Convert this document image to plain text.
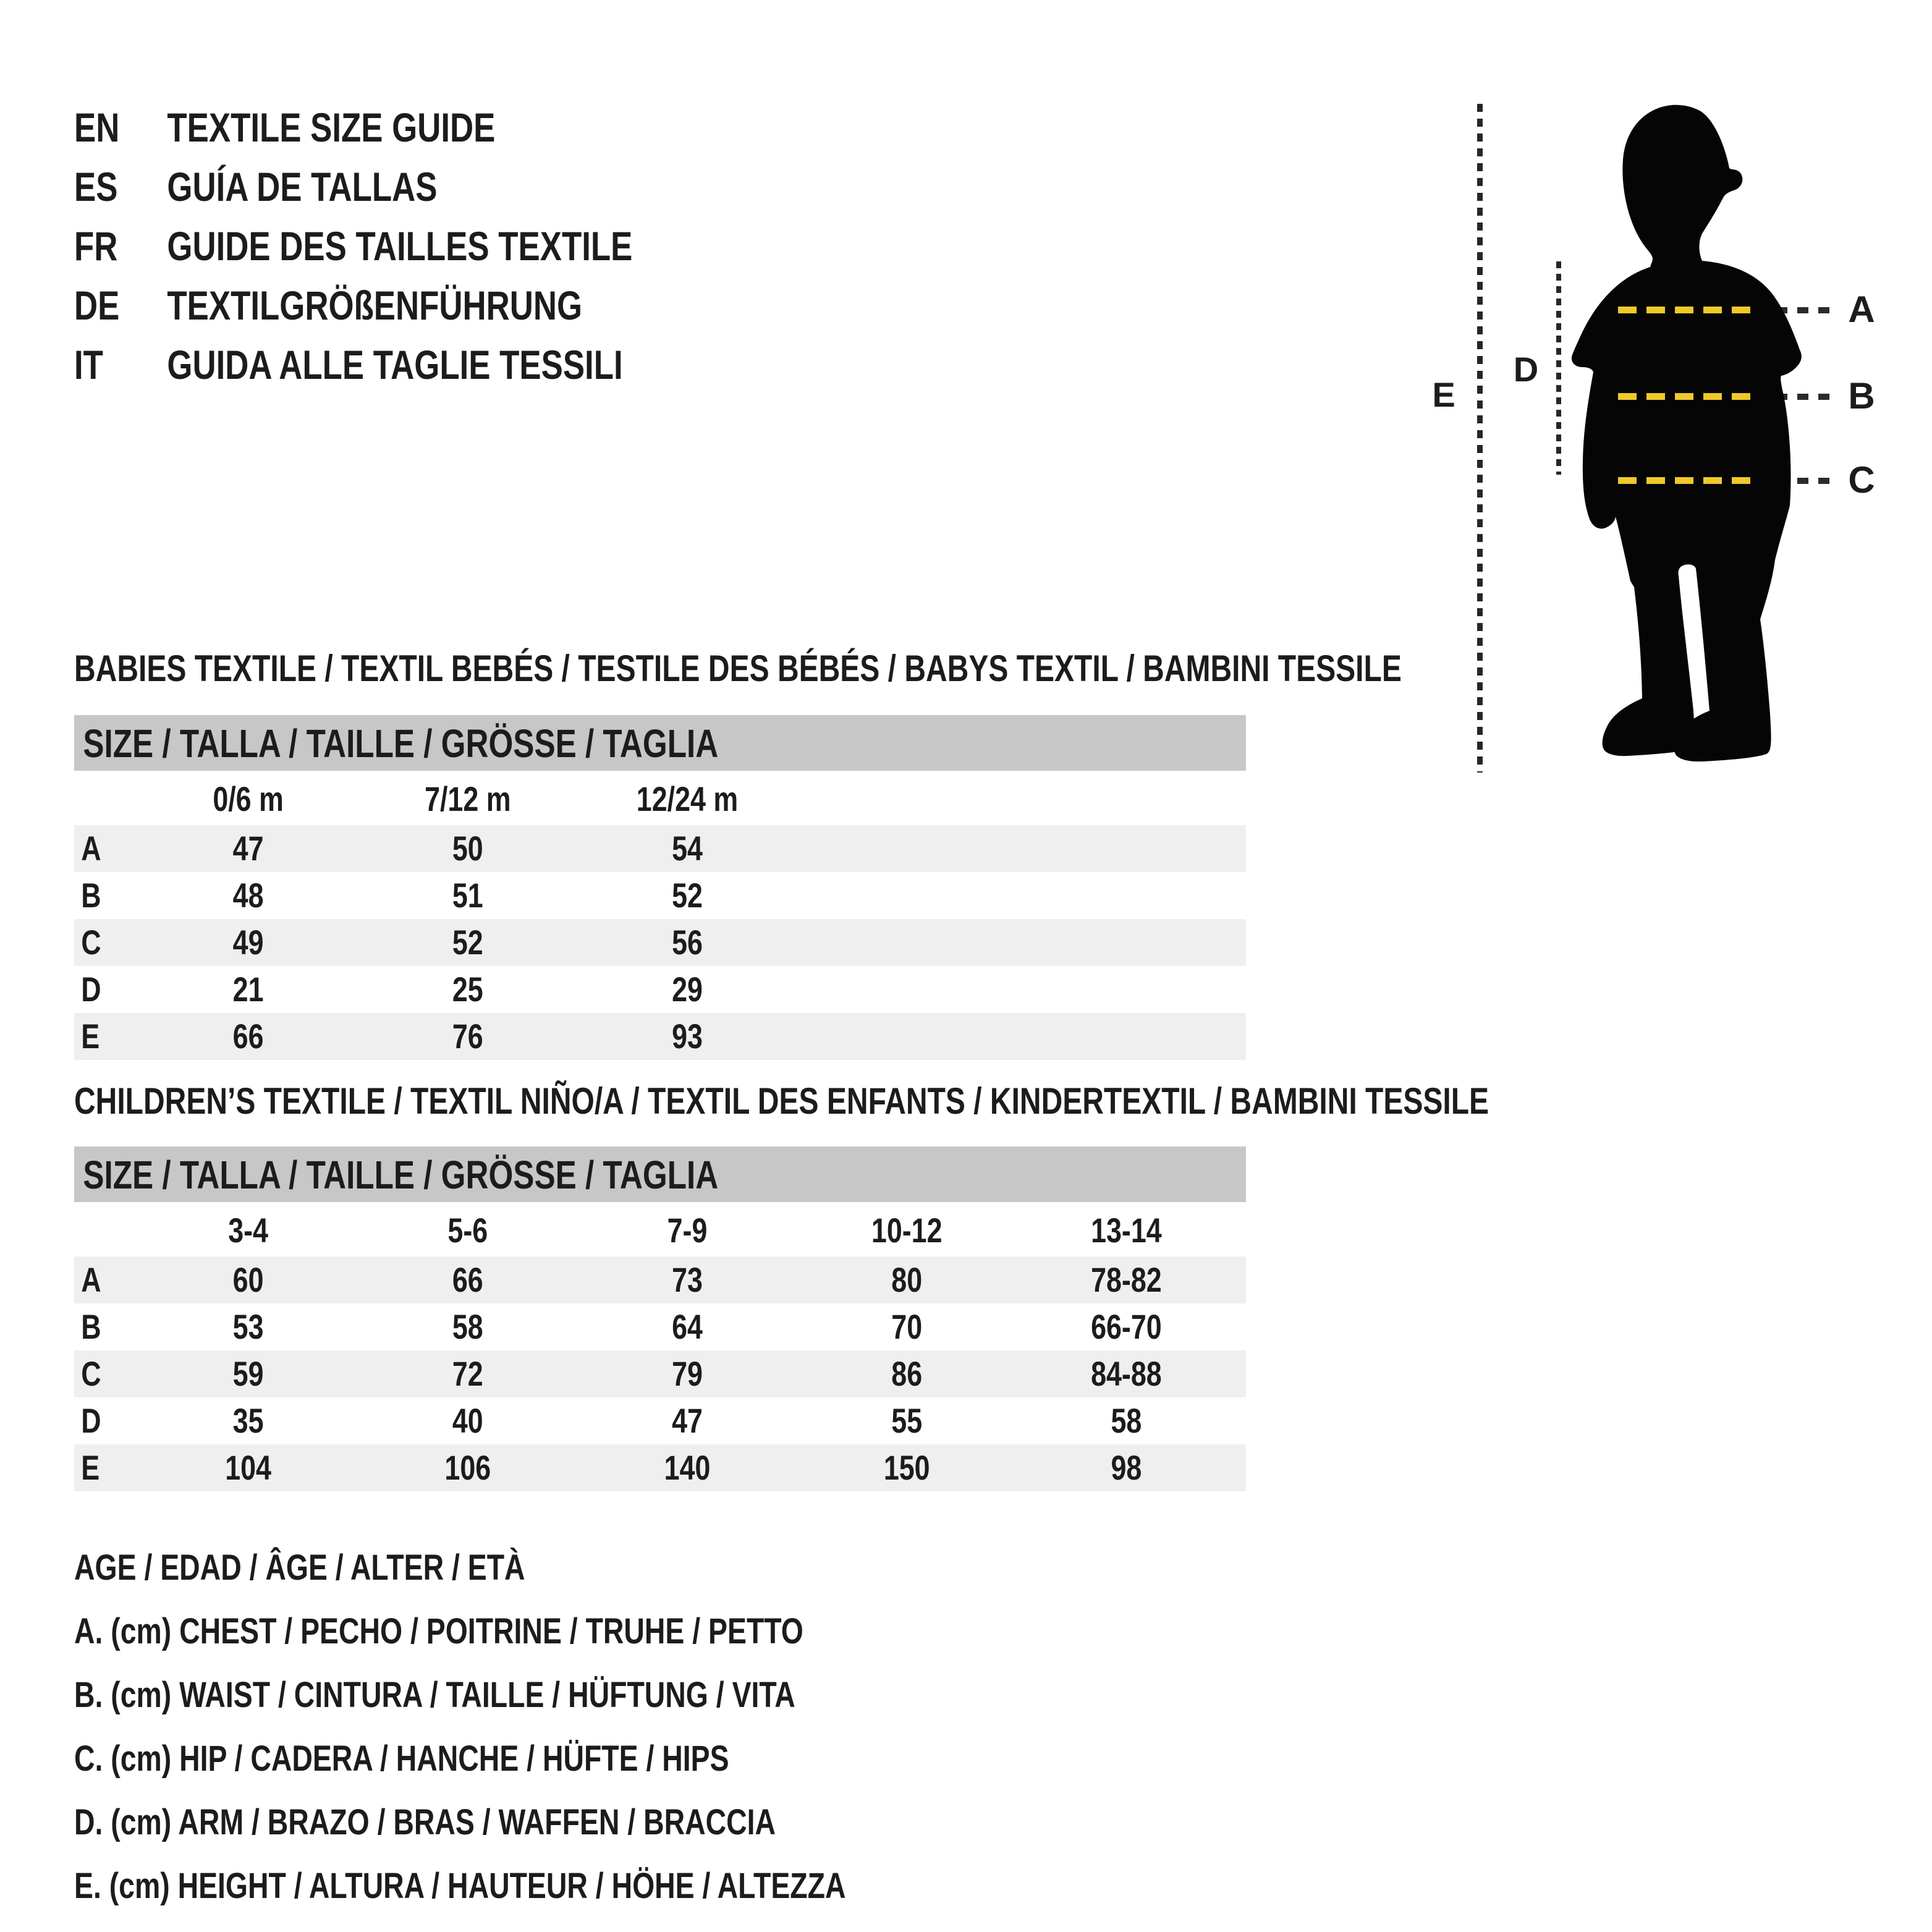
EN TEXTILE SIZE GUIDE
ES GUÍA DE TALLAS
FR GUIDE DES TAILLES TEXTILE
DE TEXTILGRÖßENFÜHRUNG
IT GUIDA ALLE TAGLIE TESSILI
BABIES TEXTILE / TEXTIL BEBÉS / TESTILE DES BÉBÉS / BABYS TEXTIL / BAMBINI TESSILE
SIZE / TALLA / TAILLE / GRÖSSE / TAGLIA
0/6 m	7/12 m	12/24 m
A	47	50	54
B	48	51	52
C	49	52	56
D	21	25	29
E	66	76	93
CHILDREN’S TEXTILE / TEXTIL NIÑO/A / TEXTIL DES ENFANTS / KINDERTEXTIL / BAMBINI TESSILE
SIZE / TALLA / TAILLE / GRÖSSE / TAGLIA
3-4	5-6	7-9	10-12	13-14
A	60	66	73	80	78-82
B	53	58	64	70	66-70
C	59	72	79	86	84-88
D	35	40	47	55	58
E	104	106	140	150	98
AGE / EDAD / ÂGE / ALTER / ETÀ
A. (cm) CHEST / PECHO / POITRINE / TRUHE / PETTO
B. (cm) WAIST / CINTURA / TAILLE / HÜFTUNG / VITA
C. (cm) HIP / CADERA / HANCHE / HÜFTE / HIPS
D. (cm) ARM / BRAZO / BRAS / WAFFEN / BRACCIA
E. (cm) HEIGHT / ALTURA / HAUTEUR / HÖHE / ALTEZZA
E
D
A
B
C
